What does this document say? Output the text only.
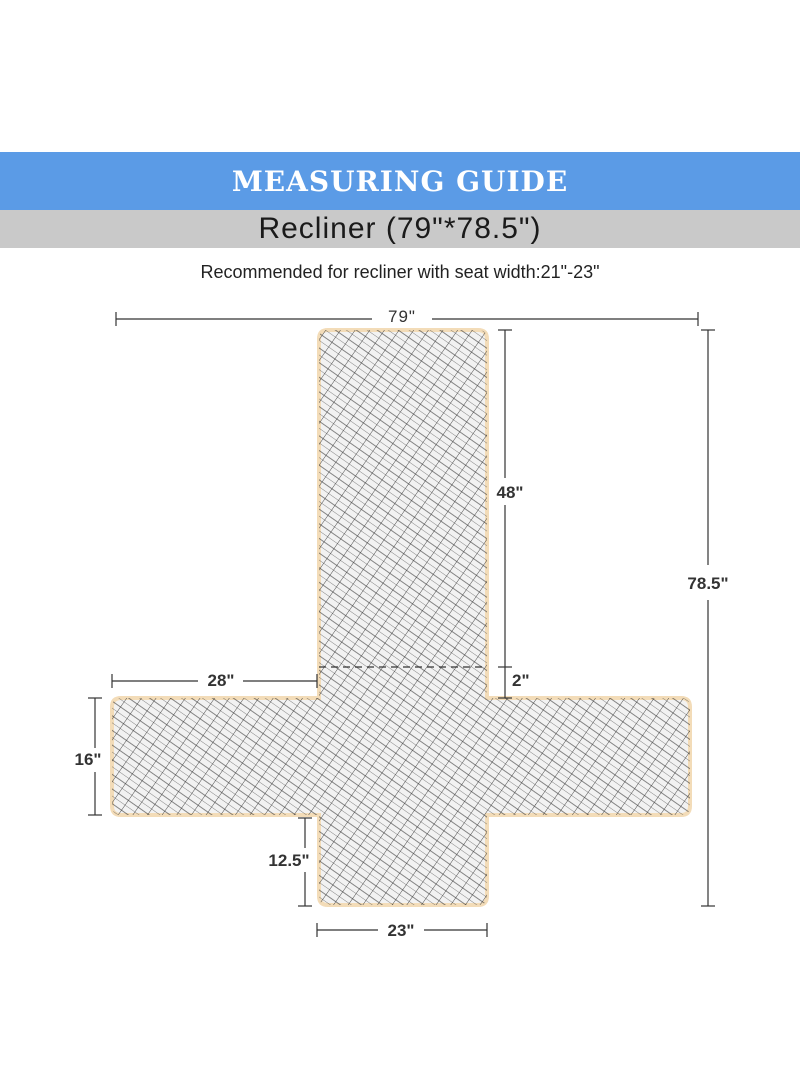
MEASURING GUIDE
Recliner (79"*78.5")
Recommended for recliner with seat width:21"-23"
79"
78.5"
48"
2"
28"
16"
12.5"
23"
